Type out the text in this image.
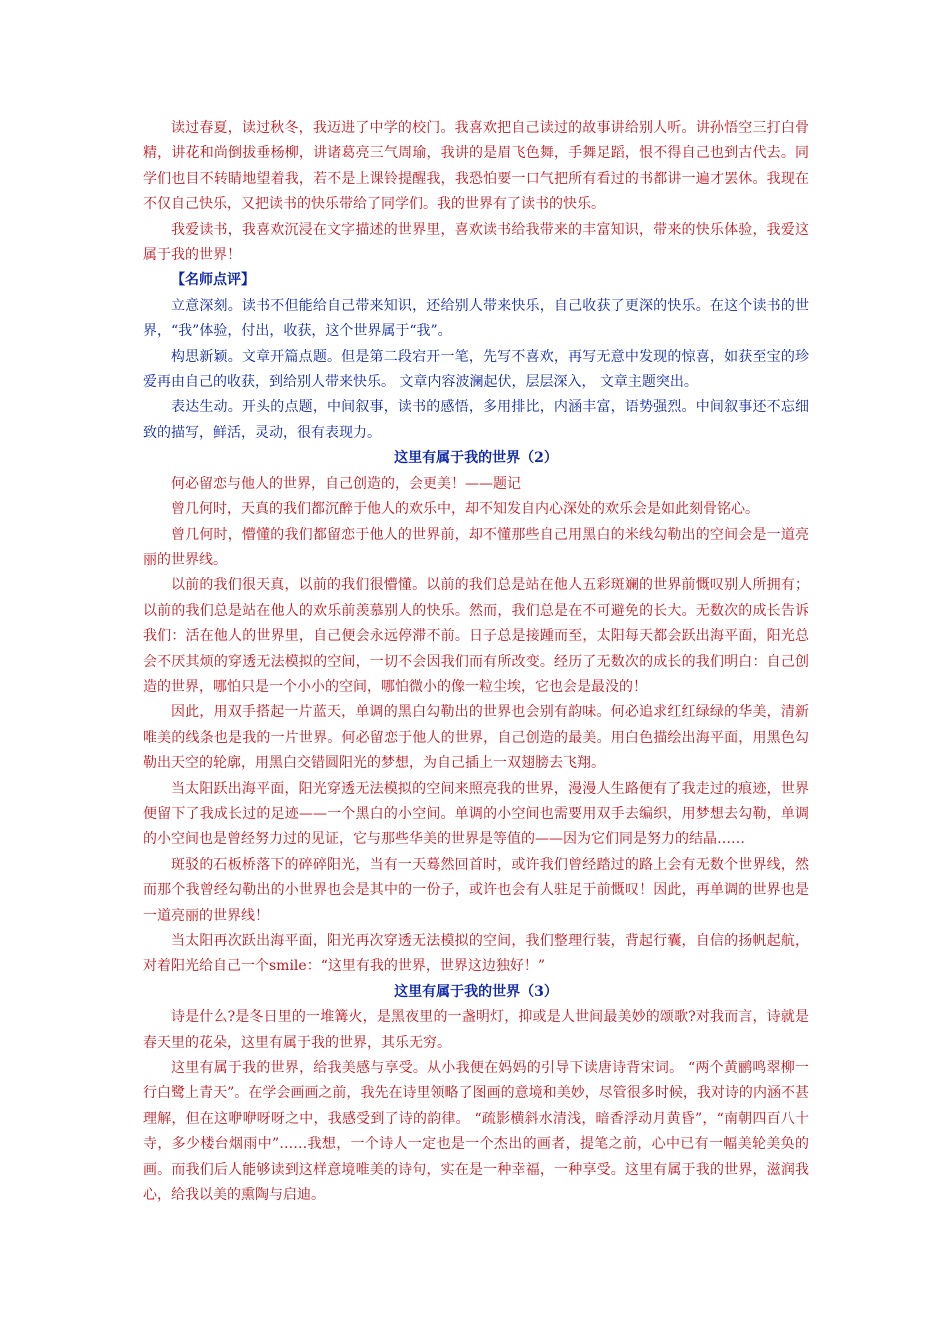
读过春夏，读过秋冬，我迈进了中学的校门。我喜欢把自己读过的故事讲给别人听。讲孙悟空三打白骨精，讲花和尚倒拔垂杨柳，讲诸葛亮三气周瑜，我讲的是眉飞色舞，手舞足蹈，恨不得自己也到古代去。同学们也目不转睛地望着我，若不是上课铃提醒我，我恐怕要一口气把所有看过的书都讲一遍才罢休。我现在不仅自己快乐，又把读书的快乐带给了同学们。我的世界有了读书的快乐。

我爱读书，我喜欢沉浸在文字描述的世界里，喜欢读书给我带来的丰富知识，带来的快乐体验，我爱这属于我的世界！

【名师点评】

立意深刻。读书不但能给自己带来知识，还给别人带来快乐，自己收获了更深的快乐。在这个读书的世界，“我”体验，付出，收获，这个世界属于“我”。

构思新颖。文章开篇点题。但是第二段宕开一笔，先写不喜欢，再写无意中发现的惊喜，如获至宝的珍爱再由自己的收获，到给别人带来快乐。 文章内容波澜起伏，层层深入， 文章主题突出。

表达生动。开头的点题，中间叙事，读书的感悟，多用排比，内涵丰富，语势强烈。中间叙事还不忘细致的描写，鲜活，灵动，很有表现力。

这里有属于我的世界（2）

何必留恋与他人的世界，自己创造的，会更美！——题记

曾几何时，天真的我们都沉醉于他人的欢乐中，却不知发自内心深处的欢乐会是如此刻骨铭心。

曾几何时，懵懂的我们都留恋于他人的世界前，却不懂那些自己用黑白的米线勾勒出的空间会是一道亮丽的世界线。

以前的我们很天真，以前的我们很懵懂。以前的我们总是站在他人五彩斑斓的世界前慨叹别人所拥有；以前的我们总是站在他人的欢乐前羡慕别人的快乐。然而，我们总是在不可避免的长大。无数次的成长告诉我们：活在他人的世界里，自己便会永远停滞不前。日子总是接踵而至，太阳每天都会跃出海平面，阳光总会不厌其烦的穿透无法模拟的空间，一切不会因我们而有所改变。经历了无数次的成长的我们明白：自己创造的世界，哪怕只是一个小小的空间，哪怕微小的像一粒尘埃，它也会是最没的！

因此，用双手搭起一片蓝天，单调的黑白勾勒出的世界也会别有韵味。何必追求红红绿绿的华美，清新唯美的线条也是我的一片世界。何必留恋于他人的世界，自己创造的最美。用白色描绘出海平面，用黑色勾勒出天空的轮廓，用黑白交错圆阳光的梦想，为自己插上一双翅膀去飞翔。

当太阳跃出海平面，阳光穿透无法模拟的空间来照亮我的世界，漫漫人生路便有了我走过的痕迹，世界便留下了我成长过的足迹——一个黑白的小空间。单调的小空间也需要用双手去编织，用梦想去勾勒，单调的小空间也是曾经努力过的见证，它与那些华美的世界是等值的——因为它们同是努力的结晶……

斑驳的石板桥落下的碎碎阳光，当有一天蓦然回首时，或许我们曾经踏过的路上会有无数个世界线，然而那个我曾经勾勒出的小世界也会是其中的一份子，或许也会有人驻足于前慨叹！因此，再单调的世界也是一道亮丽的世界线！

当太阳再次跃出海平面，阳光再次穿透无法模拟的空间，我们整理行装，背起行囊，自信的扬帆起航，对着阳光给自己一个smile：“这里有我的世界，世界这边独好！”

这里有属于我的世界（3）

诗是什么?是冬日里的一堆篝火，是黑夜里的一盏明灯，抑或是人世间最美妙的颂歌?对我而言，诗就是春天里的花朵，这里有属于我的世界，其乐无穷。

这里有属于我的世界，给我美感与享受。从小我便在妈妈的引导下读唐诗背宋词。 “两个黄鹂鸣翠柳一行白鹭上青天”。在学会画画之前，我先在诗里领略了图画的意境和美妙，尽管很多时候，我对诗的内涵不甚理解，但在这咿咿呀呀之中，我感受到了诗的韵律。 “疏影横斜水清浅，暗香浮动月黄昏”，“南朝四百八十寺，多少楼台烟雨中”……我想，一个诗人一定也是一个杰出的画者，提笔之前，心中已有一幅美轮美奂的画。而我们后人能够读到这样意境唯美的诗句，实在是一种幸福，一种享受。这里有属于我的世界，滋润我心，给我以美的熏陶与启迪。
